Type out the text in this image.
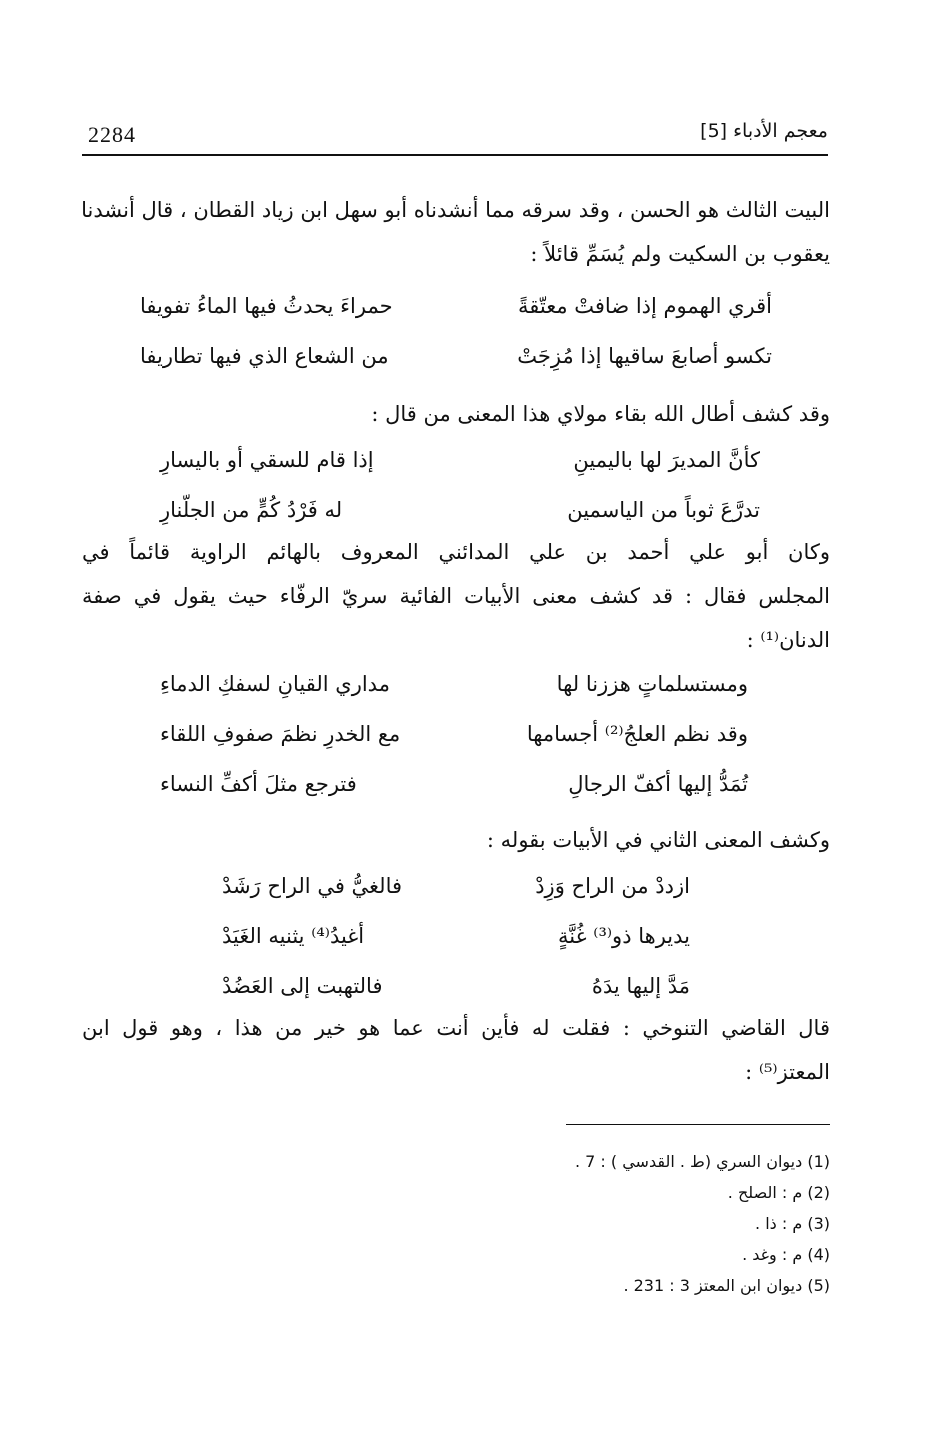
2284	معجم الأدباء [5]
البيت الثالث هو الحسن ، وقد سرقه مما أنشدناه أبو سهل ابن زياد القطان ، قال أنشدنا
يعقوب بن السكيت ولم يُسَمِّ قائلاً :
أقري الهموم إذا ضافتْ معتّقةً
حمراءَ يحدثُ فيها الماءُ تفويفا
تكسو أصابعَ ساقيها إذا مُزِجَتْ
من الشعاع الذي فيها تطاريفا
وقد كشف أطال الله بقاء مولاي هذا المعنى من قال :
كأنَّ المديرَ لها باليمينِ
إذا قام للسقي أو باليسارِ
تدرَّعَ ثوباً من الياسمين
له فَرْدُ كُمٍّ من الجلّنارِ
وكان أبو علي أحمد بن علي المدائني المعروف بالهائم الراوية قائماً في
المجلس فقال : قد كشف معنى الأبيات الفائية سريّ الرفّاء حيث يقول في صفة
الدنان⁽¹⁾ :
ومستسلماتٍ هززنا لها
مداري القيانِ لسفكِ الدماءِ
وقد نظم العلجُ⁽²⁾ أجسامها
مع الخدرِ نظمَ صفوفِ اللقاء
تُمَدُّ إليها أكفّ الرجالِ
فترجع مثلَ أكفِّ النساء
وكشف المعنى الثاني في الأبيات بقوله :
ازددْ من الراح وَزِدْ
فالغيُّ في الراح رَشَدْ
يديرها ذو⁽³⁾ غُنَّةٍ
أغيدُ⁽⁴⁾ يثنيه الغَيَدْ
مَدَّ إليها يدَهُ
فالتهبت إلى العَضُدْ
قال القاضي التنوخي : فقلت له فأين أنت عما هو خير من هذا ، وهو قول ابن
المعتز⁽⁵⁾ :
(1) ديوان السري (ط . القدسي ) : 7 .
(2) م : الصلح .
(3) م : ذا .
(4) م : وغد .
(5) ديوان ابن المعتز 3 : 231 .
